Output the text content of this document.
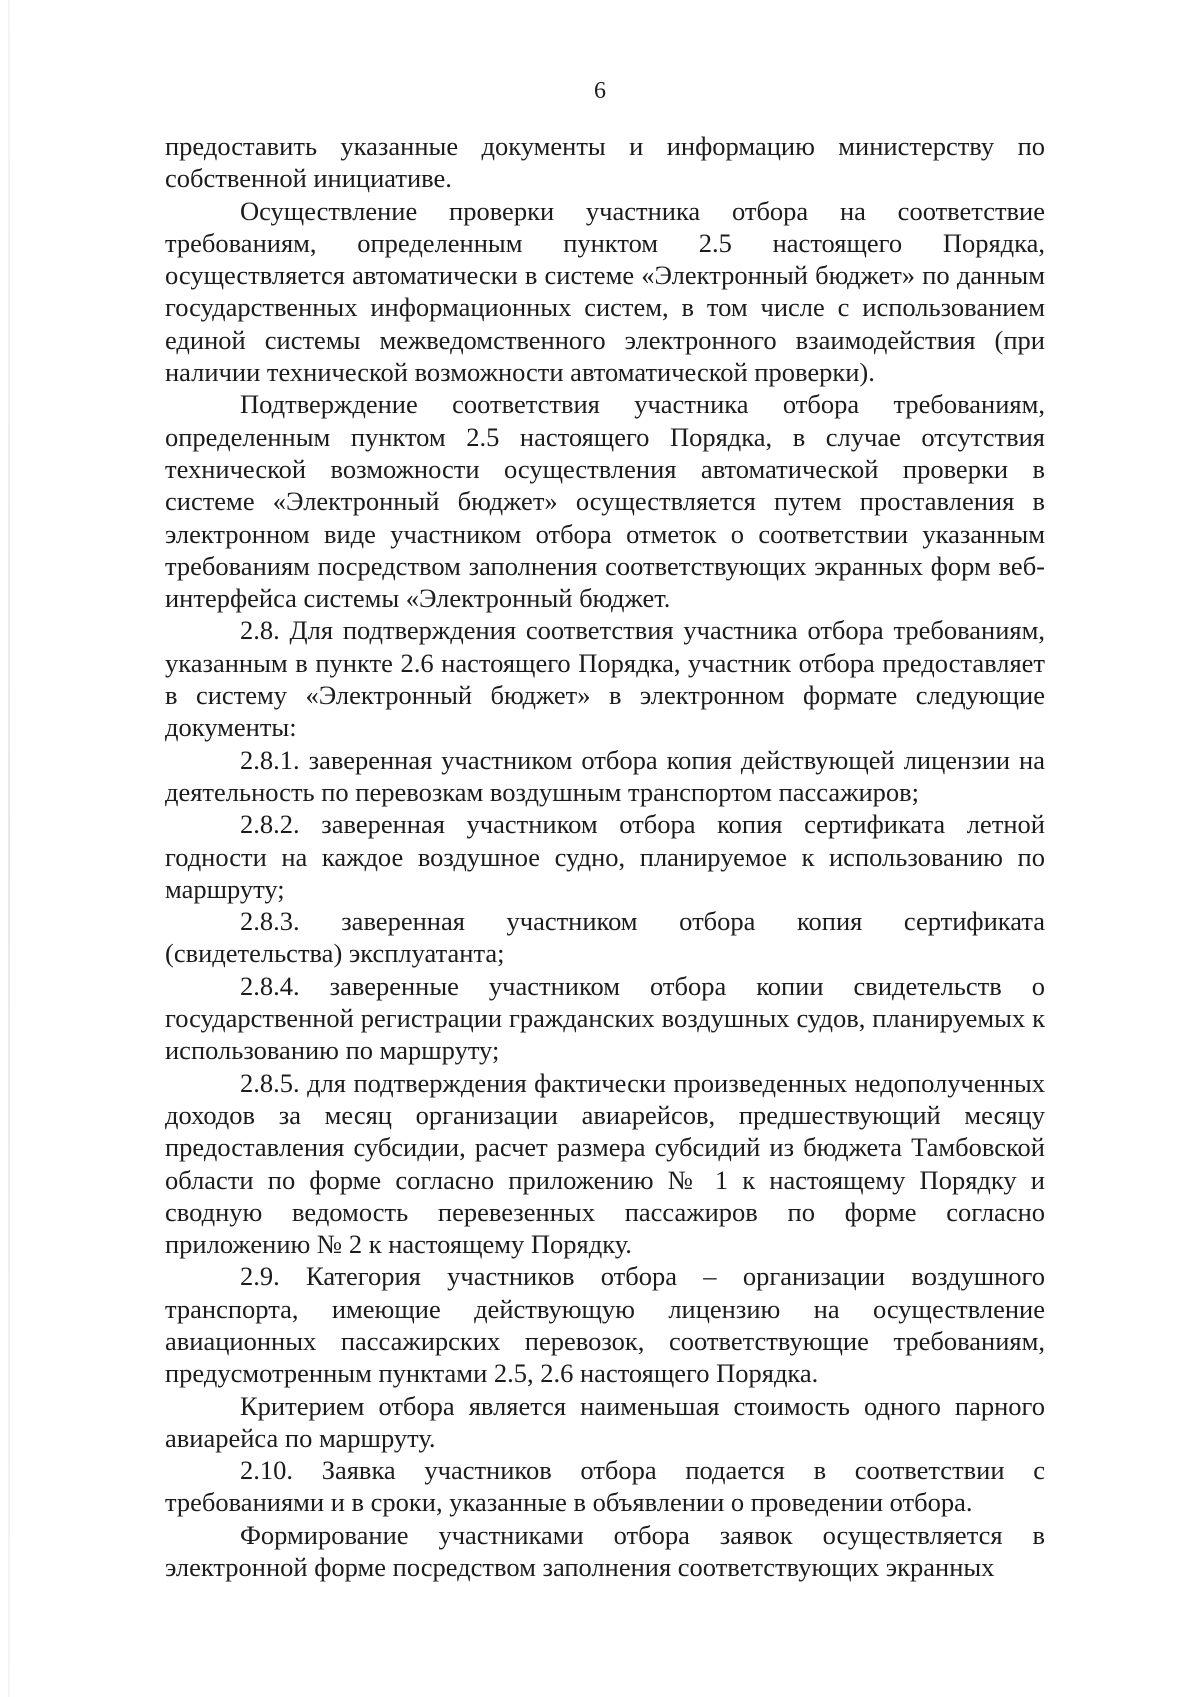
6

предоставить указанные документы и информацию министерству по собственной инициативе.

Осуществление проверки участника отбора на соответствие требованиям, определенным пунктом 2.5 настоящего Порядка, осуществляется автоматически в системе «Электронный бюджет» по данным государственных информационных систем, в том числе с использованием единой системы межведомственного электронного взаимодействия (при наличии технической возможности автоматической проверки).

Подтверждение соответствия участника отбора требованиям, определенным пунктом 2.5 настоящего Порядка, в случае отсутствия технической возможности осуществления автоматической проверки в системе «Электронный бюджет» осуществляется путем проставления в электронном виде участником отбора отметок о соответствии указанным требованиям посредством заполнения соответствующих экранных форм веб-интерфейса системы «Электронный бюджет.

2.8. Для подтверждения соответствия участника отбора требованиям, указанным в пункте 2.6 настоящего Порядка, участник отбора предоставляет в систему «Электронный бюджет» в электронном формате следующие документы:

2.8.1. заверенная участником отбора копия действующей лицензии на деятельность по перевозкам воздушным транспортом пассажиров;

2.8.2. заверенная участником отбора копия сертификата летной годности на каждое воздушное судно, планируемое к использованию по маршруту;

2.8.3. заверенная участником отбора копия сертификата (свидетельства) эксплуатанта;

2.8.4. заверенные участником отбора копии свидетельств о государственной регистрации гражданских воздушных судов, планируемых к использованию по маршруту;

2.8.5. для подтверждения фактически произведенных недополученных доходов за месяц организации авиарейсов, предшествующий месяцу предоставления субсидии, расчет размера субсидий из бюджета Тамбовской области по форме согласно приложению № 1 к настоящему Порядку и сводную ведомость перевезенных пассажиров по форме согласно приложению № 2 к настоящему Порядку.

2.9. Категория участников отбора – организации воздушного транспорта, имеющие действующую лицензию на осуществление авиационных пассажирских перевозок, соответствующие требованиям, предусмотренным пунктами 2.5, 2.6 настоящего Порядка.

Критерием отбора является наименьшая стоимость одного парного авиарейса по маршруту.

2.10. Заявка участников отбора подается в соответствии с требованиями и в сроки, указанные в объявлении о проведении отбора.

Формирование участниками отбора заявок осуществляется в электронной форме посредством заполнения соответствующих экранных
